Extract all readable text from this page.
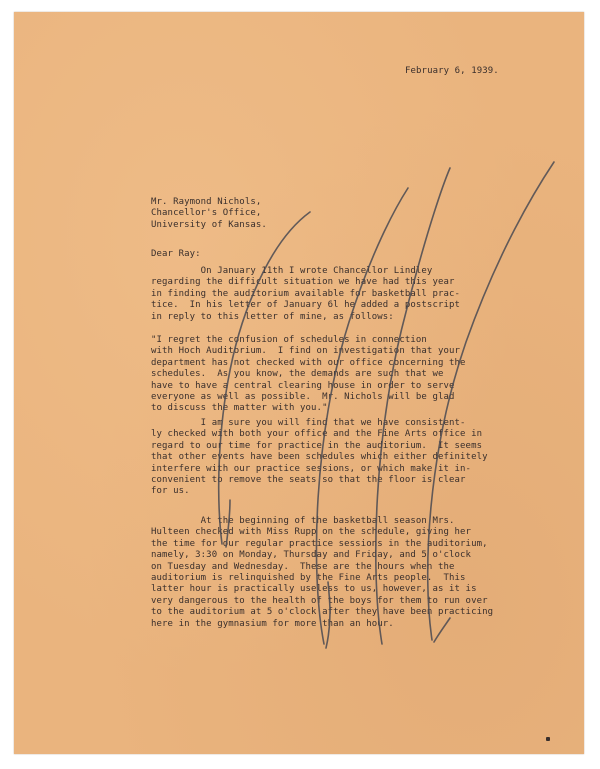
February 6, 1939.
Mr. Raymond Nichols,
Chancellor's Office,
University of Kansas.
Dear Ray:
On January 11th I wrote Chancellor Lindley
regarding the difficult situation we have had this year
in finding the auditorium available for basketball prac-
tice.  In his letter of January 6l he added a postscript
in reply to this letter of mine, as follows:
"I regret the confusion of schedules in connection
with Hoch Auditorium.  I find on investigation that your
department has not checked with our office concerning the
schedules.  As you know, the demands are such that we
have to have a central clearing house in order to serve
everyone as well as possible.  Mr. Nichols will be glad
to discuss the matter with you."
I am sure you will find that we have consistent-
ly checked with both your office and the Fine Arts office in
regard to our time for practice in the auditorium.  It seems
that other events have been schedules which either definitely
interfere with our practice sessions, or which make it in-
convenient to remove the seats so that the floor is clear
for us.
At the beginning of the basketball season Mrs.
Hulteen checked with Miss Rupp on the schedule, giving her
the time for our regular practice sessions in the auditorium,
namely, 3:30 on Monday, Thursday and Friday, and 5 o'clock
on Tuesday and Wednesday.  These are the hours when the
auditorium is relinquished by the Fine Arts people.  This
latter hour is practically useless to us, however, as it is
very dangerous to the health of the boys for them to run over
to the auditorium at 5 o'clock after they have been practicing
here in the gymnasium for more than an hour.
